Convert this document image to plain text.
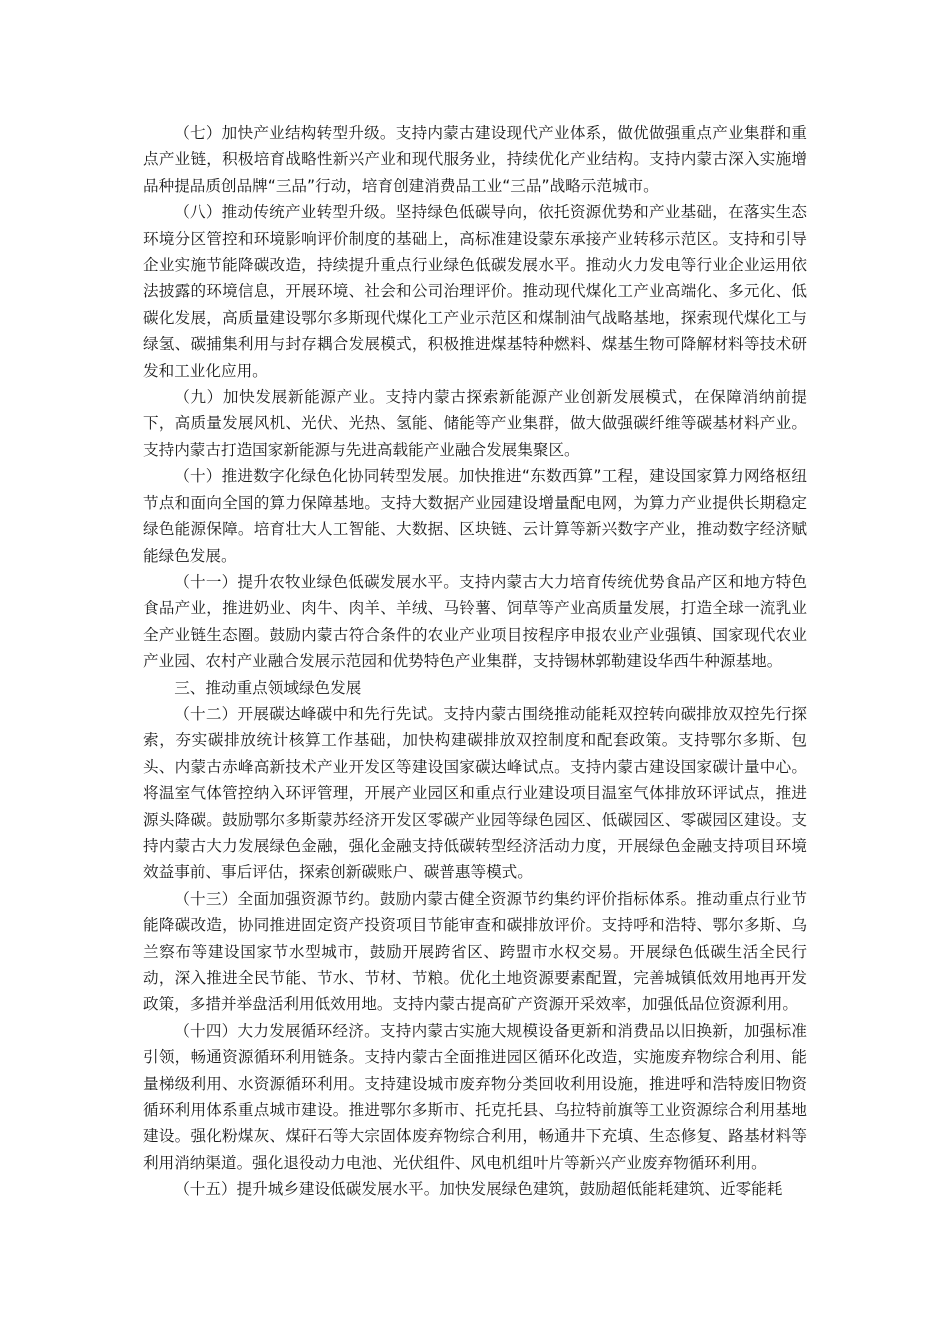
（七）加快产业结构转型升级。支持内蒙古建设现代产业体系，做优做强重点产业集群和重点产业链，积极培育战略性新兴产业和现代服务业，持续优化产业结构。支持内蒙古深入实施增品种提品质创品牌“三品”行动，培育创建消费品工业“三品”战略示范城市。

（八）推动传统产业转型升级。坚持绿色低碳导向，依托资源优势和产业基础，在落实生态环境分区管控和环境影响评价制度的基础上，高标准建设蒙东承接产业转移示范区。支持和引导企业实施节能降碳改造，持续提升重点行业绿色低碳发展水平。推动火力发电等行业企业运用依法披露的环境信息，开展环境、社会和公司治理评价。推动现代煤化工产业高端化、多元化、低碳化发展，高质量建设鄂尔多斯现代煤化工产业示范区和煤制油气战略基地，探索现代煤化工与绿氢、碳捕集利用与封存耦合发展模式，积极推进煤基特种燃料、煤基生物可降解材料等技术研发和工业化应用。

（九）加快发展新能源产业。支持内蒙古探索新能源产业创新发展模式，在保障消纳前提下，高质量发展风机、光伏、光热、氢能、储能等产业集群，做大做强碳纤维等碳基材料产业。支持内蒙古打造国家新能源与先进高载能产业融合发展集聚区。

（十）推进数字化绿色化协同转型发展。加快推进“东数西算”工程，建设国家算力网络枢纽节点和面向全国的算力保障基地。支持大数据产业园建设增量配电网，为算力产业提供长期稳定绿色能源保障。培育壮大人工智能、大数据、区块链、云计算等新兴数字产业，推动数字经济赋能绿色发展。

（十一）提升农牧业绿色低碳发展水平。支持内蒙古大力培育传统优势食品产区和地方特色食品产业，推进奶业、肉牛、肉羊、羊绒、马铃薯、饲草等产业高质量发展，打造全球一流乳业全产业链生态圈。鼓励内蒙古符合条件的农业产业项目按程序申报农业产业强镇、国家现代农业产业园、农村产业融合发展示范园和优势特色产业集群，支持锡林郭勒建设华西牛种源基地。

三、推动重点领域绿色发展

（十二）开展碳达峰碳中和先行先试。支持内蒙古围绕推动能耗双控转向碳排放双控先行探索，夯实碳排放统计核算工作基础，加快构建碳排放双控制度和配套政策。支持鄂尔多斯、包头、内蒙古赤峰高新技术产业开发区等建设国家碳达峰试点。支持内蒙古建设国家碳计量中心。将温室气体管控纳入环评管理，开展产业园区和重点行业建设项目温室气体排放环评试点，推进源头降碳。鼓励鄂尔多斯蒙苏经济开发区零碳产业园等绿色园区、低碳园区、零碳园区建设。支持内蒙古大力发展绿色金融，强化金融支持低碳转型经济活动力度，开展绿色金融支持项目环境效益事前、事后评估，探索创新碳账户、碳普惠等模式。

（十三）全面加强资源节约。鼓励内蒙古健全资源节约集约评价指标体系。推动重点行业节能降碳改造，协同推进固定资产投资项目节能审查和碳排放评价。支持呼和浩特、鄂尔多斯、乌兰察布等建设国家节水型城市，鼓励开展跨省区、跨盟市水权交易。开展绿色低碳生活全民行动，深入推进全民节能、节水、节材、节粮。优化土地资源要素配置，完善城镇低效用地再开发政策，多措并举盘活利用低效用地。支持内蒙古提高矿产资源开采效率，加强低品位资源利用。

（十四）大力发展循环经济。支持内蒙古实施大规模设备更新和消费品以旧换新，加强标准引领，畅通资源循环利用链条。支持内蒙古全面推进园区循环化改造，实施废弃物综合利用、能量梯级利用、水资源循环利用。支持建设城市废弃物分类回收利用设施，推进呼和浩特废旧物资循环利用体系重点城市建设。推进鄂尔多斯市、托克托县、乌拉特前旗等工业资源综合利用基地建设。强化粉煤灰、煤矸石等大宗固体废弃物综合利用，畅通井下充填、生态修复、路基材料等利用消纳渠道。强化退役动力电池、光伏组件、风电机组叶片等新兴产业废弃物循环利用。

（十五）提升城乡建设低碳发展水平。加快发展绿色建筑，鼓励超低能耗建筑、近零能耗
